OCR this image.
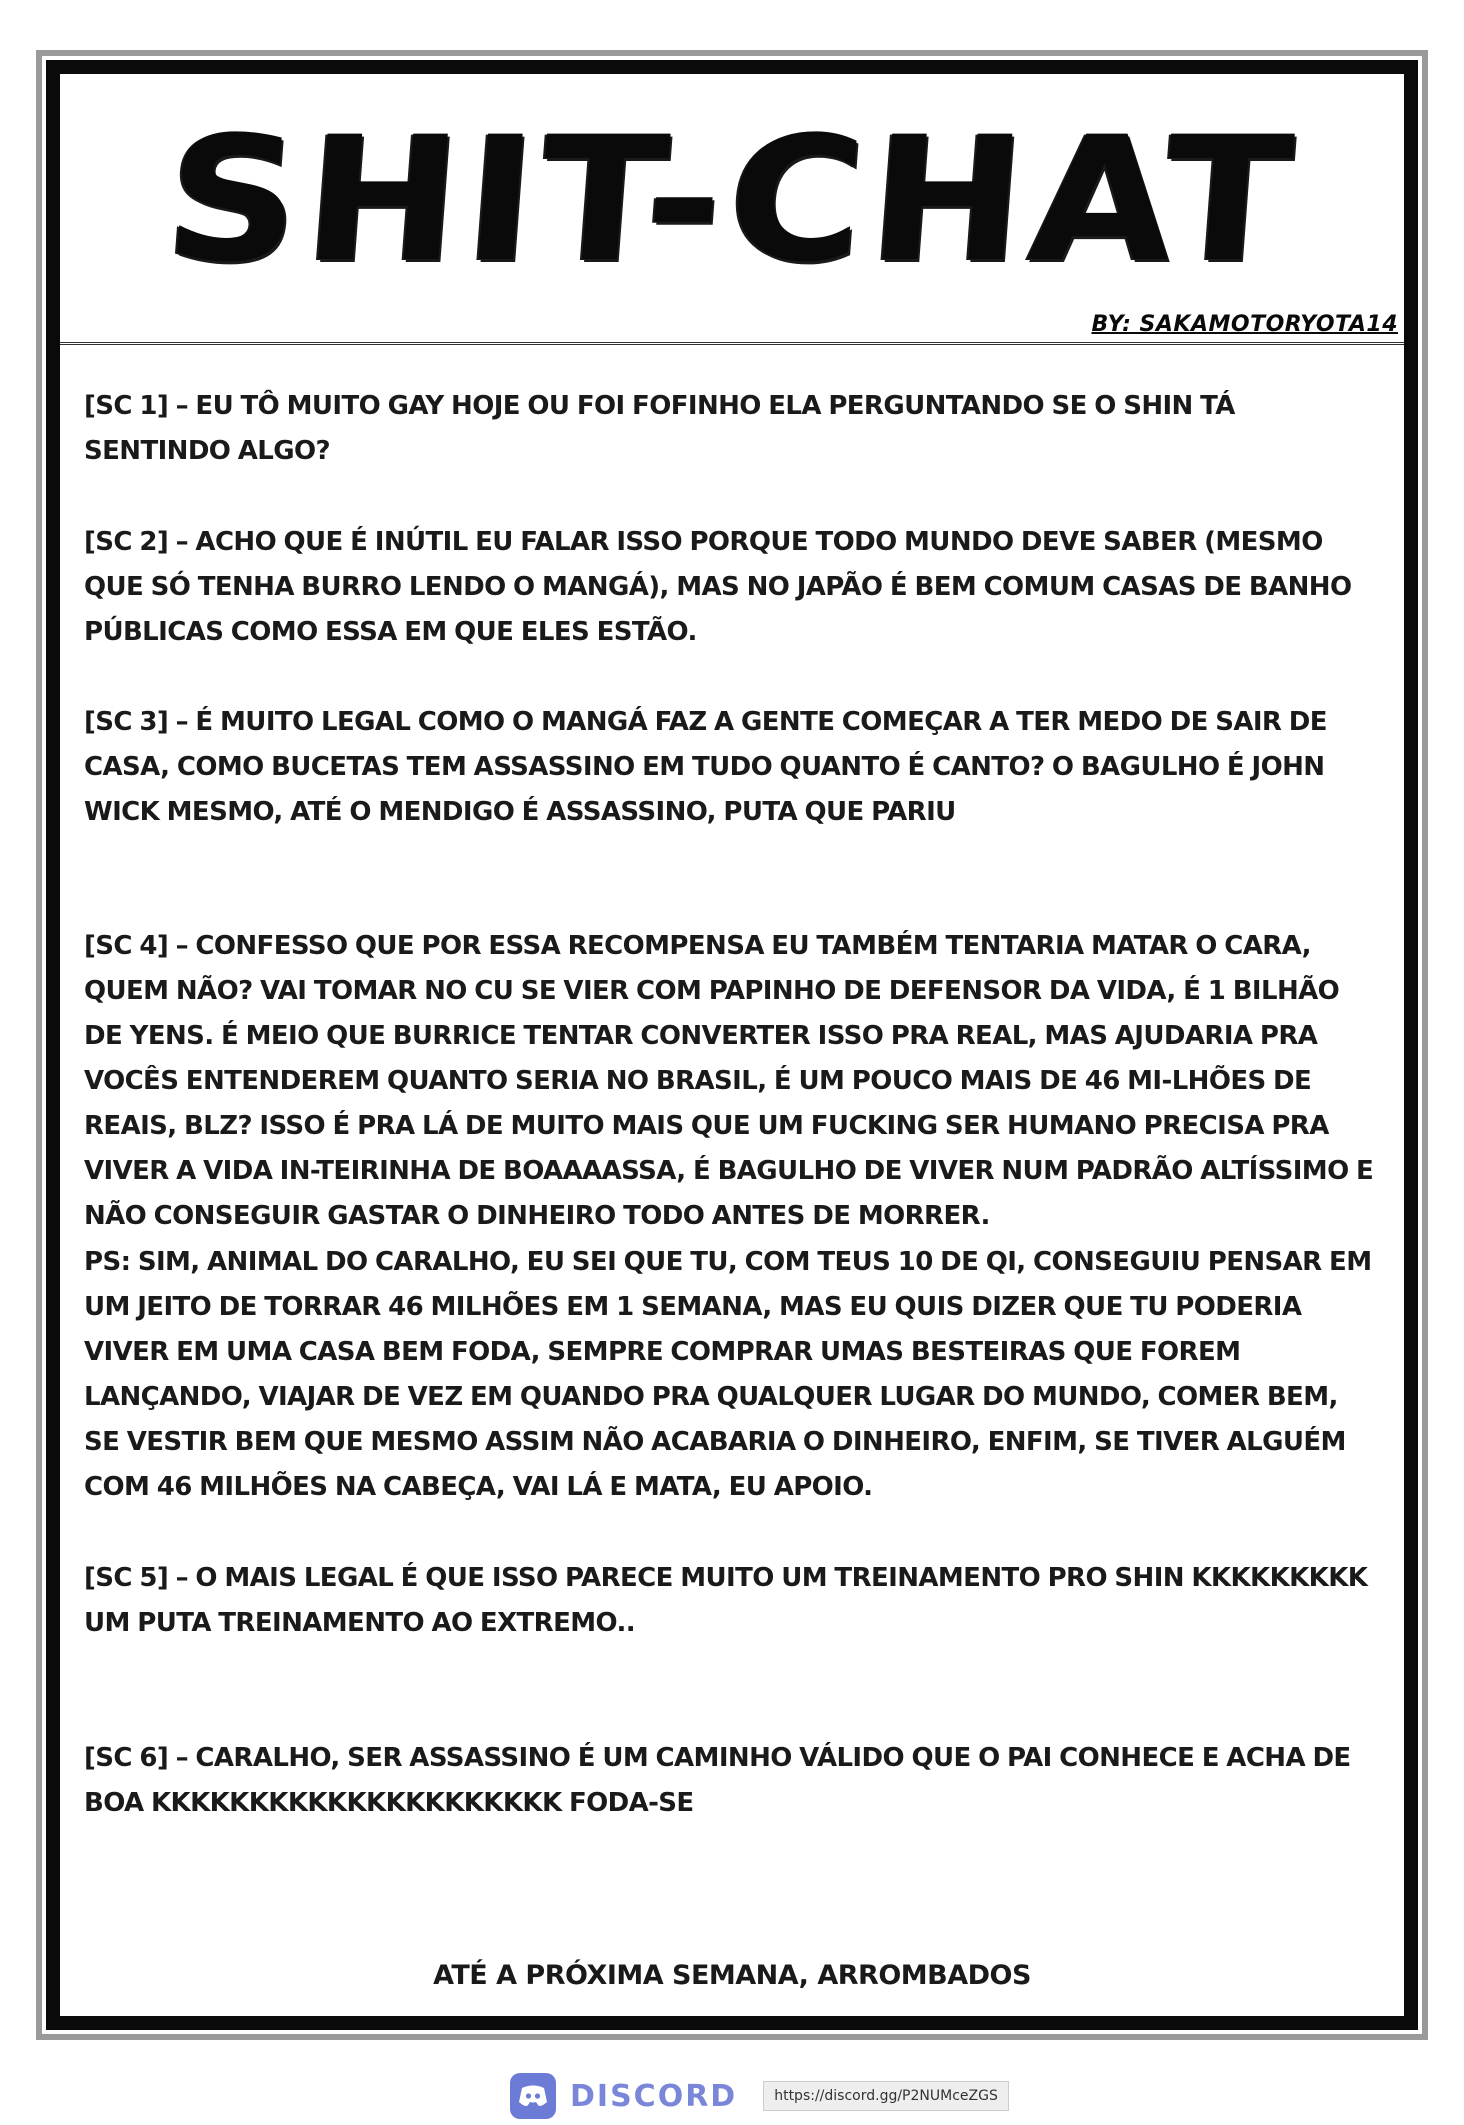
SHIT-CHAT
BY: SAKAMOTORYOTA14
[SC 1] – EU TÔ MUITO GAY HOJE OU FOI FOFINHO ELA PERGUNTANDO SE O SHIN TÁ SENTINDO ALGO?
[SC 2] – ACHO QUE É INÚTIL EU FALAR ISSO PORQUE TODO MUNDO DEVE SABER (MESMO QUE SÓ TENHA BURRO LENDO O MANGÁ), MAS NO JAPÃO É BEM COMUM CASAS DE BANHO PÚBLICAS COMO ESSA EM QUE ELES ESTÃO.
[SC 3] – É MUITO LEGAL COMO O MANGÁ FAZ A GENTE COMEÇAR A TER MEDO DE SAIR DE CASA, COMO BUCETAS TEM ASSASSINO EM TUDO QUANTO É CANTO? O BAGULHO É JOHN WICK MESMO, ATÉ O MENDIGO É ASSASSINO, PUTA QUE PARIU
[SC 4] – CONFESSO QUE POR ESSA RECOMPENSA EU TAMBÉM TENTARIA MATAR O CARA, QUEM NÃO? VAI TOMAR NO CU SE VIER COM PAPINHO DE DEFENSOR DA VIDA, É 1 BILHÃO DE YENS. É MEIO QUE BURRICE TENTAR CONVERTER ISSO PRA REAL, MAS AJUDARIA PRA VOCÊS ENTENDEREM QUANTO SERIA NO BRASIL, É UM POUCO MAIS DE 46 MI-LHÕES DE REAIS, BLZ? ISSO É PRA LÁ DE MUITO MAIS QUE UM FUCKING SER HUMANO PRECISA PRA VIVER A VIDA IN-TEIRINHA DE BOAAAASSA, É BAGULHO DE VIVER NUM PADRÃO ALTÍSSIMO E NÃO CONSEGUIR GASTAR O DINHEIRO TODO ANTES DE MORRER.
PS: SIM, ANIMAL DO CARALHO, EU SEI QUE TU, COM TEUS 10 DE QI, CONSEGUIU PENSAR EM UM JEITO DE TORRAR 46 MILHÕES EM 1 SEMANA, MAS EU QUIS DIZER QUE TU PODERIA VIVER EM UMA CASA BEM FODA, SEMPRE COMPRAR UMAS BESTEIRAS QUE FOREM LANÇANDO, VIAJAR DE VEZ EM QUANDO PRA QUALQUER LUGAR DO MUNDO, COMER BEM, SE VESTIR BEM QUE MESMO ASSIM NÃO ACABARIA O DINHEIRO, ENFIM, SE TIVER ALGUÉM COM 46 MILHÕES NA CABEÇA, VAI LÁ E MATA, EU APOIO.
[SC 5] – O MAIS LEGAL É QUE ISSO PARECE MUITO UM TREINAMENTO PRO SHIN KKKKKKKKK UM PUTA TREINAMENTO AO EXTREMO..
[SC 6] – CARALHO, SER ASSASSINO É UM CAMINHO VÁLIDO QUE O PAI CONHECE E ACHA DE BOA KKKKKKKKKKKKKKKKKKKKK FODA-SE
ATÉ A PRÓXIMA SEMANA, ARROMBADOS
DISCORD	https://discord.gg/P2NUMceZGS
